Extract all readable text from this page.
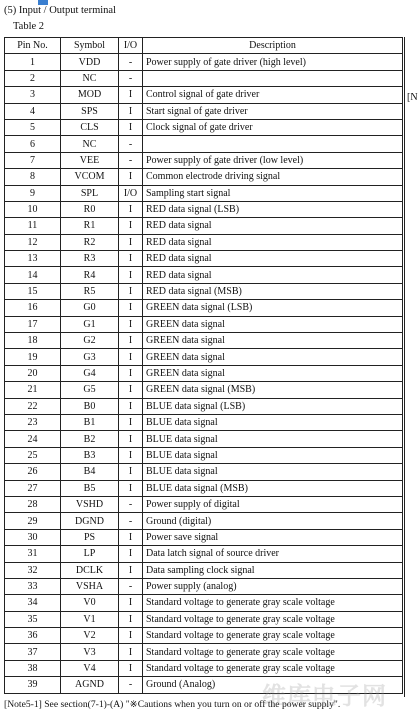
(5) Input / Output terminal
Table 2
Pin No.	Symbol	I/O	Description
1	VDD	-	Power supply of gate driver (high level)
2	NC	-	
3	MOD	I	Control signal of gate driver
4	SPS	I	Start signal of gate driver
5	CLS	I	Clock signal of gate driver
6	NC	-	
7	VEE	-	Power supply of gate driver (low level)
8	VCOM	I	Common electrode driving signal
9	SPL	I/O	Sampling start signal
10	R0	I	RED data signal (LSB)
11	R1	I	RED data signal
12	R2	I	RED data signal
13	R3	I	RED data signal
14	R4	I	RED data signal
15	R5	I	RED data signal (MSB)
16	G0	I	GREEN data signal (LSB)
17	G1	I	GREEN data signal
18	G2	I	GREEN data signal
19	G3	I	GREEN data signal
20	G4	I	GREEN data signal
21	G5	I	GREEN data signal (MSB)
22	B0	I	BLUE data signal (LSB)
23	B1	I	BLUE data signal
24	B2	I	BLUE data signal
25	B3	I	BLUE data signal
26	B4	I	BLUE data signal
27	B5	I	BLUE data signal (MSB)
28	VSHD	-	Power supply of digital
29	DGND	-	Ground (digital)
30	PS	I	Power save signal
31	LP	I	Data latch signal of source driver
32	DCLK	I	Data sampling clock signal
33	VSHA	-	Power supply (analog)
34	V0	I	Standard voltage to generate gray scale voltage
35	V1	I	Standard voltage to generate gray scale voltage
36	V2	I	Standard voltage to generate gray scale voltage
37	V3	I	Standard voltage to generate gray scale voltage
38	V4	I	Standard voltage to generate gray scale voltage
39	AGND	-	Ground (Analog)
[N
[Note5-1] See section(7-1)-(A) "※Cautions when you turn on or off the power supply".
维库电子网
